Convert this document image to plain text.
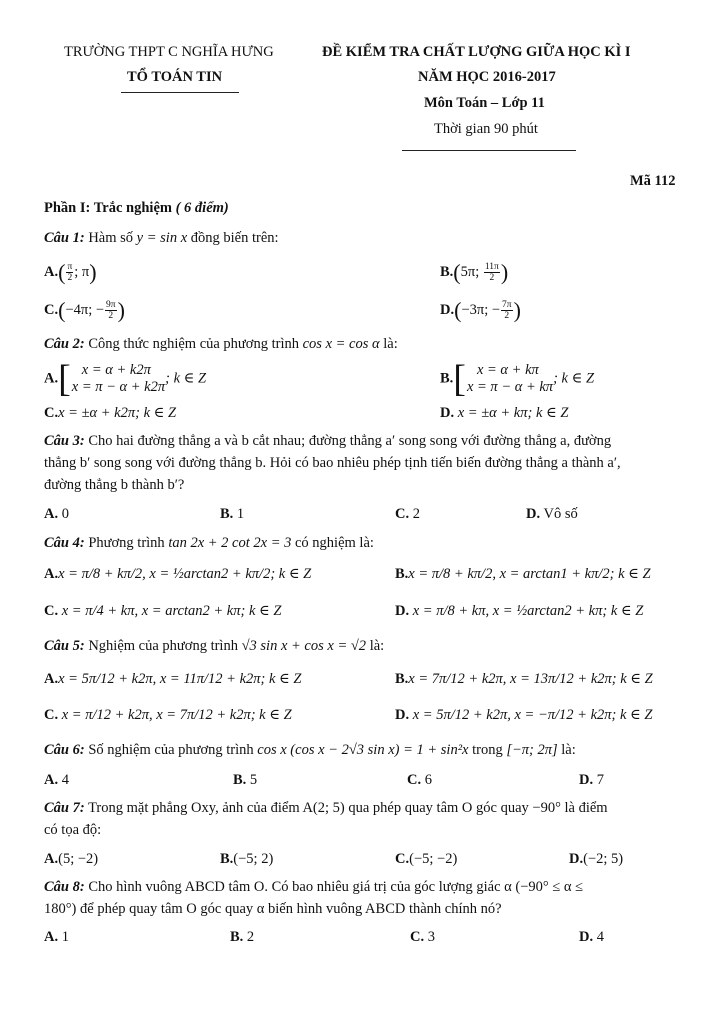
TRƯỜNG THPT C NGHĨA HƯNG
TỔ TOÁN TIN
ĐỀ KIỂM TRA CHẤT LƯỢNG GIỮA HỌC KÌ I
NĂM HỌC 2016-2017
Môn Toán – Lớp 11
Thời gian 90 phút
Mã 112
Phần I: Trắc nghiệm ( 6 điểm)
Câu 1: Hàm số y = sin x đồng biến trên:
$A.( \frac{\pi}{2}$ ; π)	B.(5π; $\frac{11\pi}{2}$ )
C.(−4π; − $\frac{9\pi}{2}$ )	D.(−3π; − $\frac{7\pi}{2}$ )
Câu 2: Công thức nghiệm của phương trình cos x = cos α là:
A. [ x = α + k2π
x = π − α + k2π
; k ∈ Z	B. [ x = α + kπ
x = π − α + kπ
; k ∈ Z
C.x = ±α + k2π; k ∈ Z	D. x = ±α + kπ; k ∈ Z
Câu 3: Cho hai đường thẳng a và b cắt nhau; đường thẳng a′ song song với đường thẳng a, đường
thẳng b′ song song với đường thẳng b. Hỏi có bao nhiêu phép tịnh tiến biến đường thẳng a thành a′,
đường thẳng b thành b′?
A. 0	B. 1	C. 2	D. Vô số
Câu 4: Phương trình tan 2x + 2 cot 2x = 3 có nghiệm là:
A.x = π/8 + kπ/2, x = ½arctan2 + kπ/2; k ∈ Z	B.x = π/8 + kπ/2, x = arctan1 + kπ/2; k ∈ Z
C. x = π/4 + kπ, x = arctan2 + kπ; k ∈ Z	D. x = π/8 + kπ, x = ½arctan2 + kπ; k ∈ Z
Câu 5: Nghiệm của phương trình √3 sin x + cos x = √2 là:
A.x = 5π/12 + k2π, x = 11π/12 + k2π; k ∈ Z	B.x = 7π/12 + k2π, x = 13π/12 + k2π; k ∈ Z
C. x = π/12 + k2π, x = 7π/12 + k2π; k ∈ Z	D. x = 5π/12 + k2π, x = −π/12 + k2π; k ∈ Z
Câu 6: Số nghiệm của phương trình cos x (cos x − 2√3 sin x) = 1 + sin²x trong [−π; 2π] là:
A. 4	B. 5	C. 6	D. 7
Câu 7: Trong mặt phẳng Oxy, ảnh của điểm A(2; 5) qua phép quay tâm O góc quay −90° là điểm
có tọa độ:
A.(5; −2)	B.(−5; 2)	C.(−5; −2)	D.(−2; 5)
Câu 8: Cho hình vuông ABCD tâm O. Có bao nhiêu giá trị của góc lượng giác α (−90° ≤ α ≤
180°) để phép quay tâm O góc quay α biến hình vuông ABCD thành chính nó?
A. 1	B. 2	C. 3	D. 4
